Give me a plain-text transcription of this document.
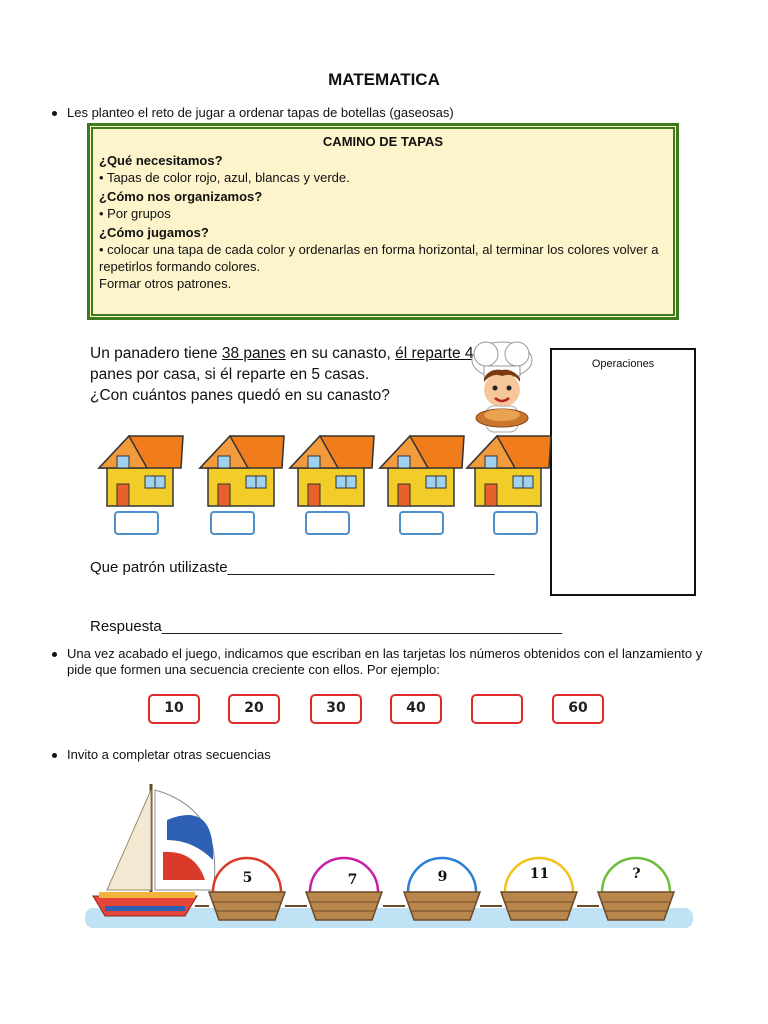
MATEMATICA
Les planteo el reto de jugar a ordenar tapas de botellas (gaseosas)
CAMINO DE TAPAS
¿Qué necesitamos?
• Tapas de color rojo, azul, blancas y verde.
¿Cómo nos organizamos?
• Por grupos
¿Cómo jugamos?
• colocar una tapa de cada color y ordenarlas en forma horizontal, al terminar los colores volver a repetirlos formando colores.
Formar otros patrones.
Un panadero tiene 38 panes en su canasto, él reparte 4
panes por casa, si él reparte en 5 casas.
¿Con cuántos panes quedó en su canasto?
Operaciones
Que patrón utilizaste________________________________
Respuesta________________________________________________
Una vez acabado el juego, indicamos que escriban en las tarjetas los números obtenidos con el lanzamiento y pide que formen una secuencia creciente con ellos. Por ejemplo:
10	20	30	40	60
Invito a completar otras secuencias
5	7	9	11	?
